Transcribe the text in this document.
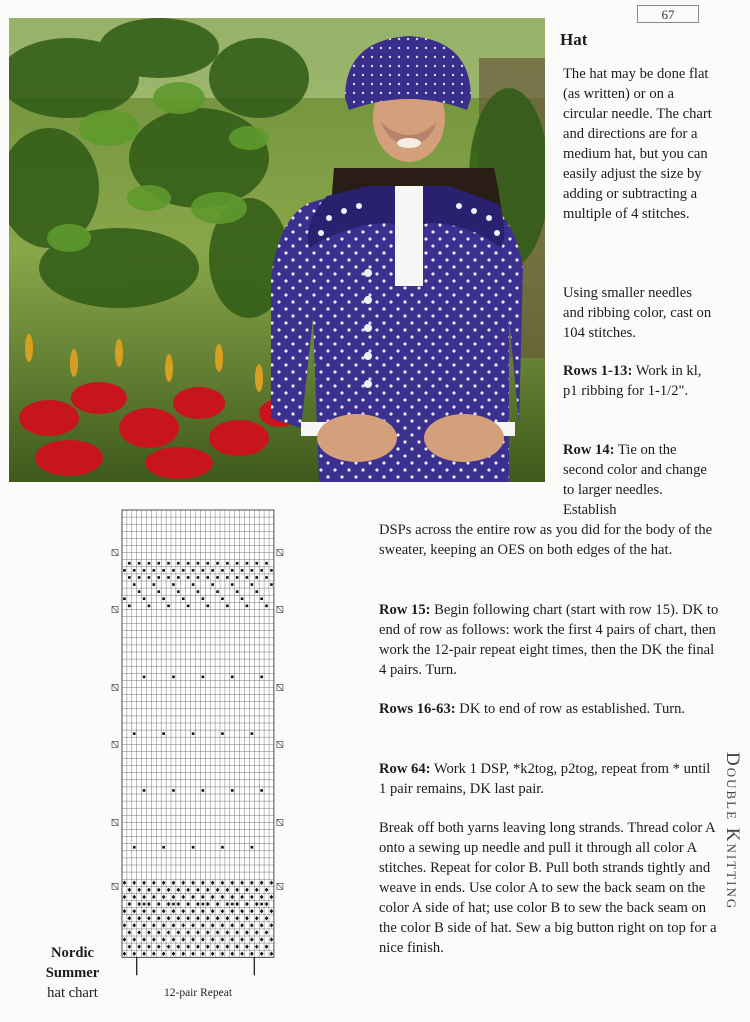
67
Hat

The hat may be done flat (as written) or on a circular needle. The chart and directions are for a medium hat, but you can easily adjust the size by adding or subtracting a multiple of 4 stitches.

Using smaller needles and ribbing color, cast on 104 stitches.

Rows 1-13: Work in kl, p1 ribbing for 1-1/2".

Row 14: Tie on the second color and change to larger needles. Establish

DSPs across the entire row as you did for the body of the sweater, keeping an OES on both edges of the hat.

Row 15: Begin following chart (start with row 15). DK to end of row as follows: work the first 4 pairs of chart, then work the 12-pair repeat eight times, then the DK the final 4 pairs. Turn.

Rows 16-63: DK to end of row as established. Turn.

Row 64: Work 1 DSP, *k2tog, p2tog, repeat from * until 1 pair remains, DK last pair.

Break off both yarns leaving long strands. Thread color A onto a sewing up needle and pull it through all color A stitches. Repeat for color B. Pull both strands tightly and weave in ends. Use color A to sew the back seam on the color A side of hat; use color B to sew the back seam on the color B side of hat. Sew a big button right on top for a nice finish.

Double Knitting
Nordic
Summer
hat chart	12-pair Repeat
